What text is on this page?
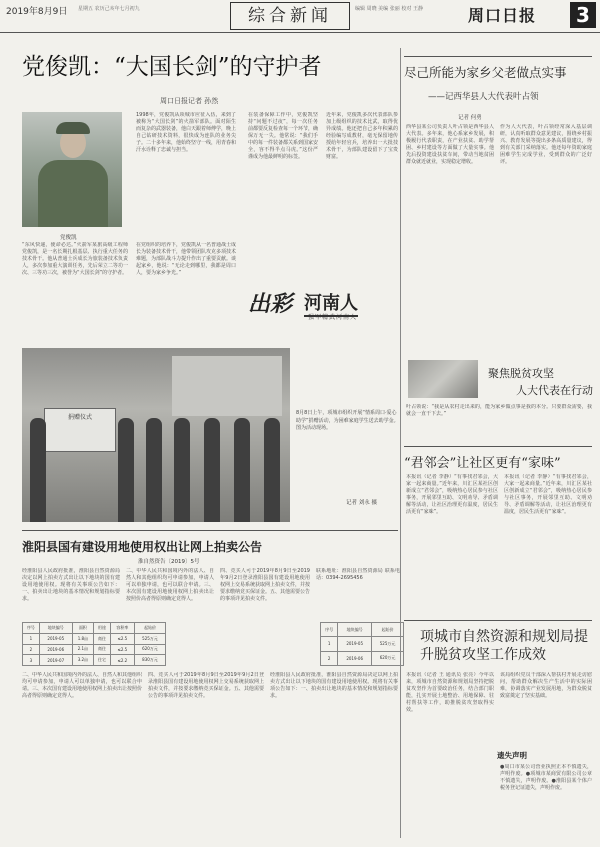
2019年8月9日 星期五 农历己亥年七月初九	综合新闻	编辑 周晓 美编 张丽 校对 王静	周口日报	3
党俊凯：“大国长剑”的守护者
周口日报记者 孙然
党俊凯
“东风快递，使命必达。”火箭军某旅高级工程师党俊凯，是一名长期扎根基层、执行重大任务的技术骨干。他从普通士兵成长为旅装备技术负责人，多次参加重大演训任务，先后荣立二等功一次、三等功三次，被誉为“大国长剑”的守护者。
1998年，党俊凯从项城市应征入伍，来到了被称为“大国长剑”的火箭军部队。面对陌生而复杂的武器装备，他白天跟着师傅学，晚上自己钻研技术资料，很快成为连队的业务尖子。二十多年来，他始终坚守一线，用青春和汗水诠释了忠诚与担当。
在党组织的培养下，党俊凯从一名普通战士成长为装备技术骨干，他带领团队攻克多项技术难题，为部队战斗力提升作出了重要贡献。谈起家乡，他说：“无论走到哪里，我都是周口人，要为家乡争光。”
在装备保障工作中，党俊凯坚持“问题不过夜”，每一次任务前都要反复检查每一个环节，确保万无一失。他常说：“我们手中的每一件装备都关系到国家安全，容不得半点马虎。”这份严谨成为他最鲜明的标签。
近年来，党俊凯多次代表部队参加上级组织的技术比武，取得优异成绩。他还把自己多年积累的经验编写成教材，毫无保留地传授给年轻官兵，培养出一大批技术骨干，为部队建设留下了宝贵财富。
出彩 河南人
强军精武河南人
捐赠仪式
8月8日上午，项城市组织开展“情系周口·爱心助学”捐赠活动，为困难家庭学生送去助学金。图为活动现场。
记者 刘永 摄
淮阳县国有建设用地使用权出让网上拍卖公告
淮自然资告〔2019〕5号
经淮阳县人民政府批准，淮阳县自然资源局决定以网上拍卖方式出让以下地块的国有建设用地使用权。现将有关事项公告如下：一、拍卖出让地块的基本情况和规划指标要求。
二、中华人民共和国境内外的法人、自然人和其他组织均可申请参加，申请人可以单独申请，也可以联合申请。三、本次国有建设用地使用权网上拍卖出让按照价高者得原则确定竞得人。
四、竞买人可于2019年8月9日至2019年9月2日登录淮阳县国有建设用地使用权网上交易系统获取网上拍卖文件，并按要求缴纳竞买保证金。五、其他需要公告的事项详见拍卖文件。
联系地址：淮阳县自然资源局 联系电话：0394-2695456
序号	地块编号	面积	用途	容积率	起始价
1	2019-05	1.8亩	商住	≤2.5	525万元
2	2019-06	2.1亩	商住	≤2.5	620万元
3	2019-07	3.2亩	住宅	≤2.2	830万元
序号	地块编号	起始价
1	2019-05	525万元
2	2019-06	620万元
二、中华人民共和国境内外的法人、自然人和其他组织均可申请参加，申请人可以单独申请，也可以联合申请。三、本次国有建设用地使用权网上拍卖出让按照价高者得原则确定竞得人。
四、竞买人可于2019年8月9日至2019年9月2日登录淮阳县国有建设用地使用权网上交易系统获取网上拍卖文件，并按要求缴纳竞买保证金。五、其他需要公告的事项详见拍卖文件。
经淮阳县人民政府批准，淮阳县自然资源局决定以网上拍卖方式出让以下地块的国有建设用地使用权。现将有关事项公告如下：一、拍卖出让地块的基本情况和规划指标要求。
尽己所能为家乡父老做点实事
——记西华县人大代表叶占领
记者 何勇
西华县某公司负责人叶占领是西华县人大代表。多年来，他心系家乡发展，积极履行代表职责，在产业扶贫、助学帮困、乡村建设等方面做了大量实事。他先后投资建设扶贫车间，带动当地贫困群众就近就业，实现稳定增收。
作为人大代表，叶占领经常深入基层调研，认真听取群众意见建议，围绕乡村振兴、教育发展等提出多条高质量建议，得到有关部门采纳落实。他还每年资助家庭困难学生完成学业，受到群众的广泛好评。
聚焦脱贫攻坚
人大代表在行动
叶占领说：“我是从农村走出来的，能为家乡做点事是我的本分。只要群众需要，我就会一直干下去。”
“君邻会”让社区更有“家味”
本报讯（记者 李静）“有事找君邻会，大家一起来商量。”近年来，川汇区某社区创新成立“君邻会”，吸纳热心居民参与社区事务，开展邻里互助、文明劝导、矛盾调解等活动，让社区治理更有温度，居民生活更有“家味”。
本报讯（记者 李静）“有事找君邻会，大家一起来商量。”近年来，川汇区某社区创新成立“君邻会”，吸纳热心居民参与社区事务，开展邻里互助、文明劝导、矛盾调解等活动，让社区治理更有温度，居民生活更有“家味”。
项城市自然资源和规划局提升脱贫攻坚工作成效
本报讯（记者 王 通讯员 张亮）今年以来，项城市自然资源和规划局坚持把脱贫攻坚作为首要政治任务，结合部门职能，扎实开展土地整治、用地保障、驻村帮扶等工作，助推脱贫攻坚取得实效。
该局组织党员干部深入帮扶村开展走访慰问，帮助群众解决生产生活中的实际困难，协调落实产业发展用地，为群众脱贫致富奠定了坚实基础。
遗失声明
●周口市某公司营业执照正本不慎遗失，声明作废。●项城市某商贸有限公司公章不慎遗失，声明作废。●淮阳县某个体户税务登记证遗失，声明作废。
